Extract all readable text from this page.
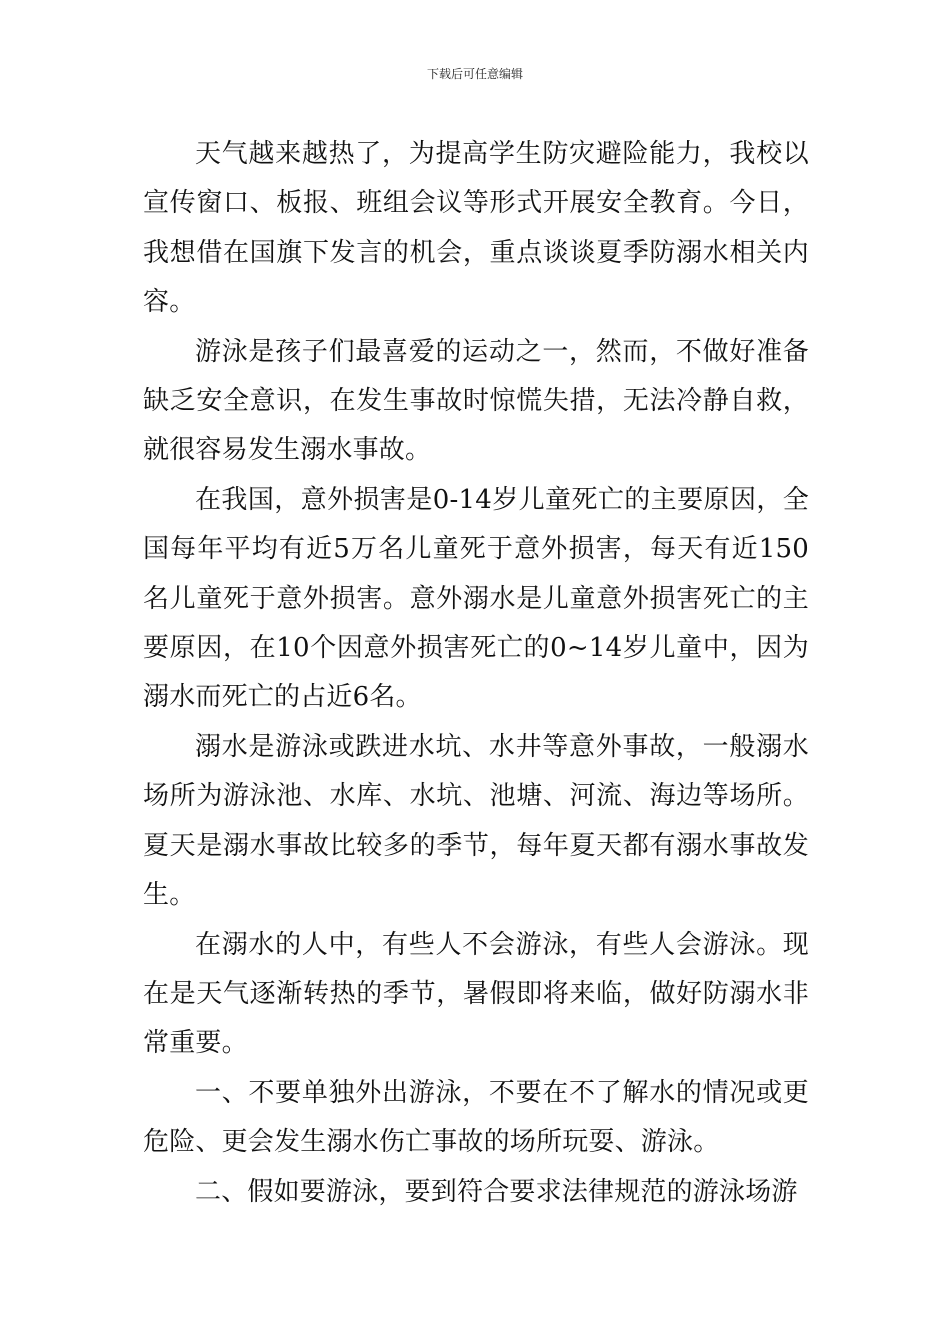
下载后可任意编辑

天气越来越热了，为提高学生防灾避险能力，我校以宣传窗口、板报、班组会议等形式开展安全教育。今日，我想借在国旗下发言的机会，重点谈谈夏季防溺水相关内容。

游泳是孩子们最喜爱的运动之一，然而，不做好准备缺乏安全意识，在发生事故时惊慌失措，无法冷静自救，就很容易发生溺水事故。

在我国，意外损害是0-14岁儿童死亡的主要原因，全国每年平均有近5万名儿童死于意外损害，每天有近150名儿童死于意外损害。意外溺水是儿童意外损害死亡的主要原因，在10个因意外损害死亡的0~14岁儿童中，因为溺水而死亡的占近6名。

溺水是游泳或跌进水坑、水井等意外事故，一般溺水场所为游泳池、水库、水坑、池塘、河流、海边等场所。夏天是溺水事故比较多的季节，每年夏天都有溺水事故发生。

在溺水的人中，有些人不会游泳，有些人会游泳。现在是天气逐渐转热的季节，暑假即将来临，做好防溺水非常重要。

一、不要单独外出游泳，不要在不了解水的情况或更危险、更会发生溺水伤亡事故的场所玩耍、游泳。

二、假如要游泳，要到符合要求法律规范的游泳场游
